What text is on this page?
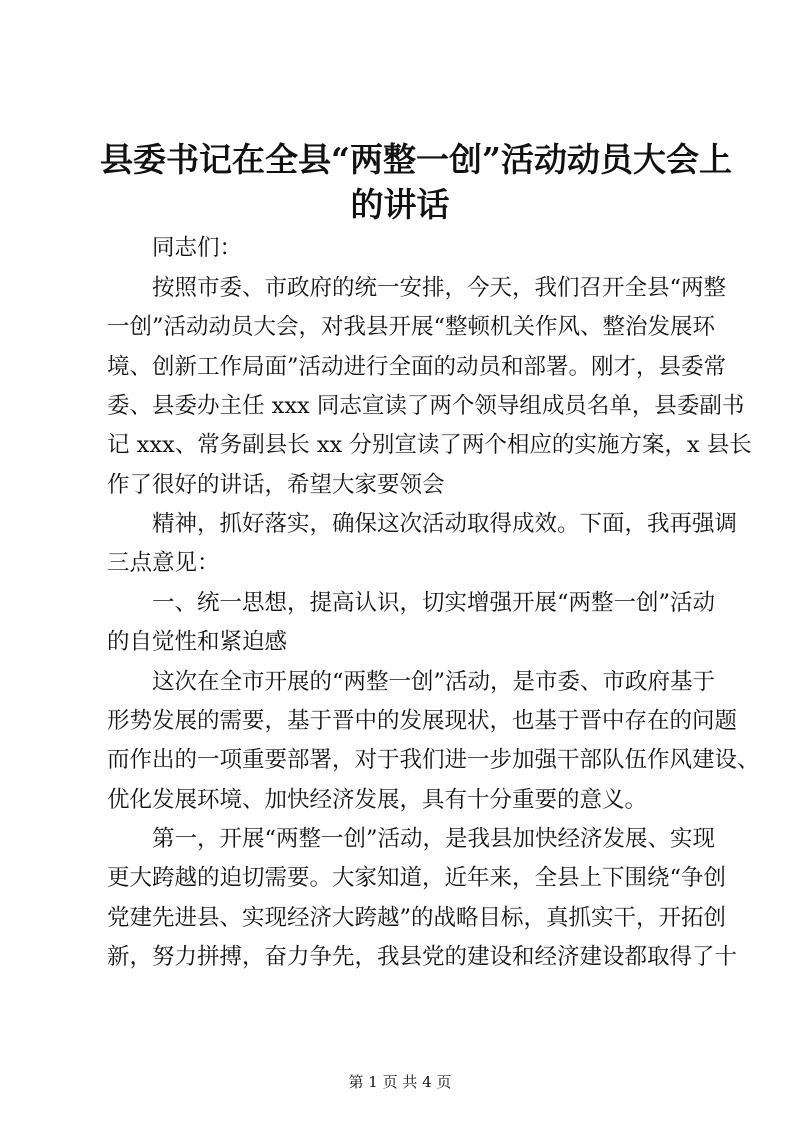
县委书记在全县“两整一创”活动动员大会上
的讲话

同志们：

按照市委、市政府的统一安排，今天，我们召开全县“两整

一创”活动动员大会，对我县开展“整顿机关作风、整治发展环

境、创新工作局面”活动进行全面的动员和部署。刚才，县委常

委、县委办主任 xxx 同志宣读了两个领导组成员名单，县委副书

记 xxx、常务副县长 xx 分别宣读了两个相应的实施方案，x 县长

作了很好的讲话，希望大家要领会

精神，抓好落实，确保这次活动取得成效。下面，我再强调

三点意见：

一、统一思想，提高认识，切实增强开展“两整一创”活动

的自觉性和紧迫感

这次在全市开展的“两整一创”活动，是市委、市政府基于

形势发展的需要，基于晋中的发展现状，也基于晋中存在的问题

而作出的一项重要部署，对于我们进一步加强干部队伍作风建设、

优化发展环境、加快经济发展，具有十分重要的意义。

第一，开展“两整一创”活动，是我县加快经济发展、实现

更大跨越的迫切需要。大家知道，近年来，全县上下围绕“争创

党建先进县、实现经济大跨越”的战略目标，真抓实干，开拓创

新，努力拼搏，奋力争先，我县党的建设和经济建设都取得了十

第 1 页 共 4 页
